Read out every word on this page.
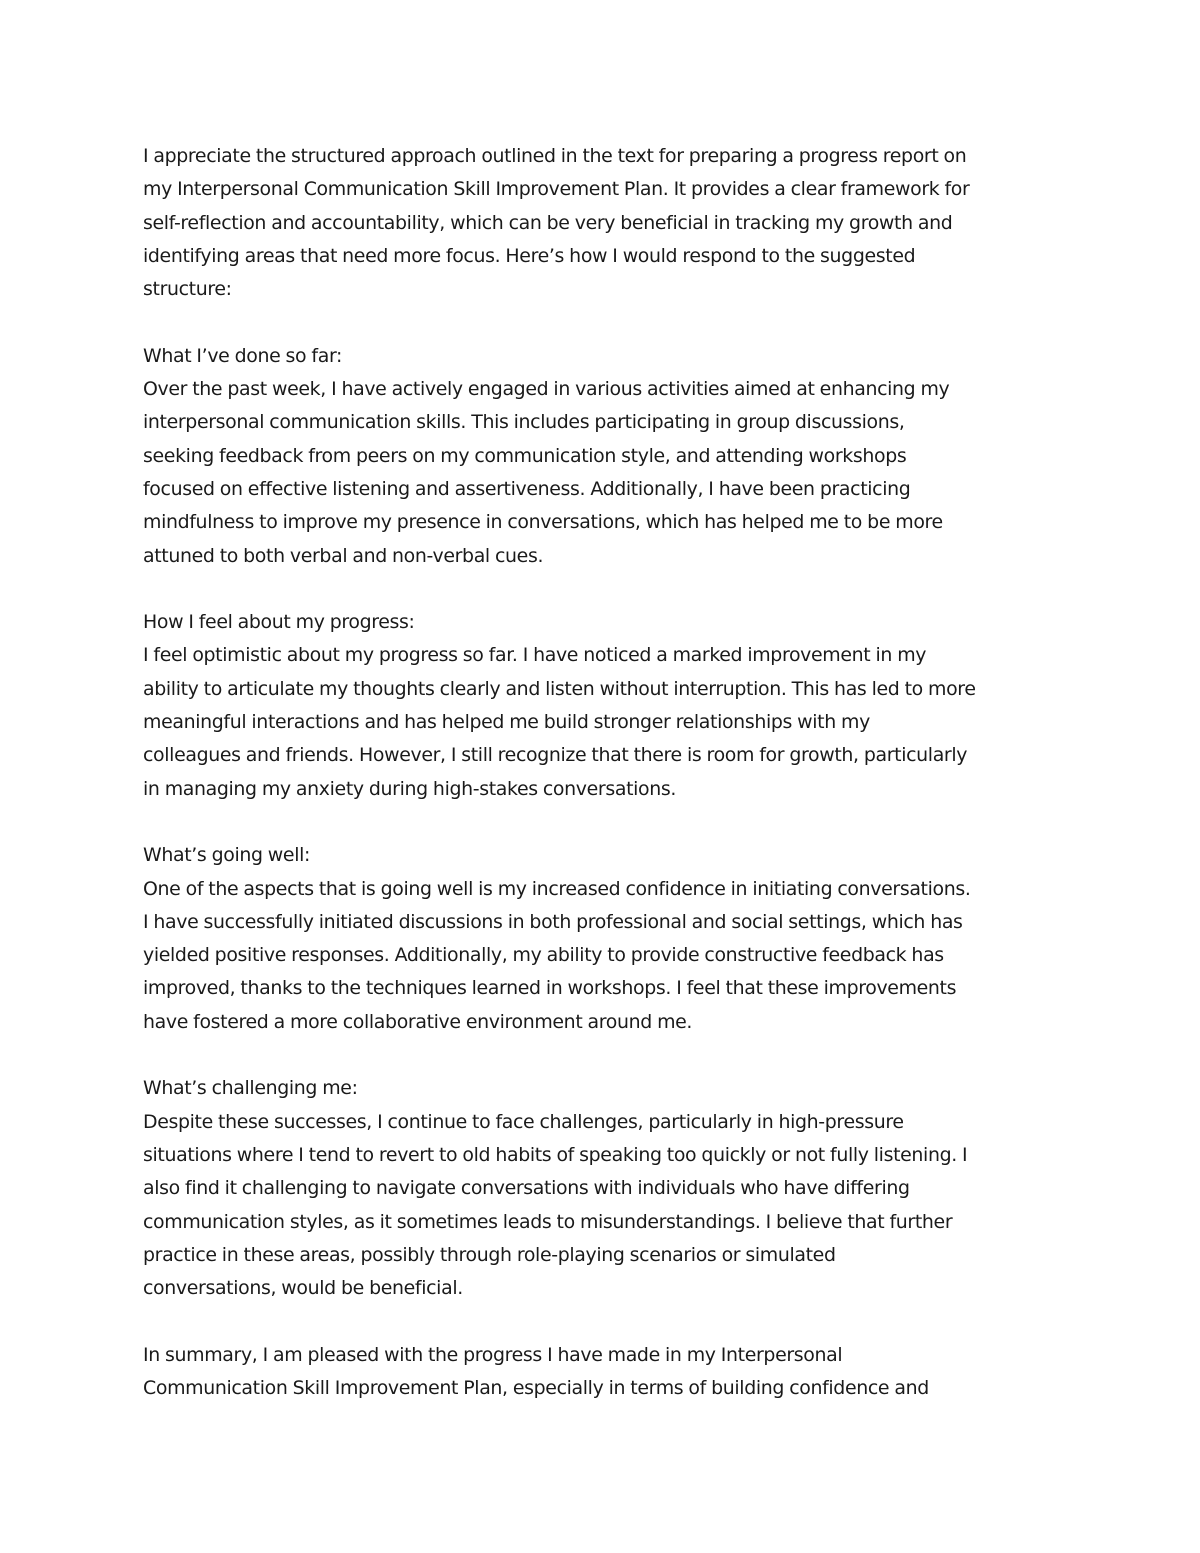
I appreciate the structured approach outlined in the text for preparing a progress report on
my Interpersonal Communication Skill Improvement Plan. It provides a clear framework for
self-reflection and accountability, which can be very beneficial in tracking my growth and
identifying areas that need more focus. Here’s how I would respond to the suggested
structure:
What I’ve done so far:
Over the past week, I have actively engaged in various activities aimed at enhancing my
interpersonal communication skills. This includes participating in group discussions,
seeking feedback from peers on my communication style, and attending workshops
focused on effective listening and assertiveness. Additionally, I have been practicing
mindfulness to improve my presence in conversations, which has helped me to be more
attuned to both verbal and non-verbal cues.
How I feel about my progress:
I feel optimistic about my progress so far. I have noticed a marked improvement in my
ability to articulate my thoughts clearly and listen without interruption. This has led to more
meaningful interactions and has helped me build stronger relationships with my
colleagues and friends. However, I still recognize that there is room for growth, particularly
in managing my anxiety during high-stakes conversations.
What’s going well:
One of the aspects that is going well is my increased confidence in initiating conversations.
I have successfully initiated discussions in both professional and social settings, which has
yielded positive responses. Additionally, my ability to provide constructive feedback has
improved, thanks to the techniques learned in workshops. I feel that these improvements
have fostered a more collaborative environment around me.
What’s challenging me:
Despite these successes, I continue to face challenges, particularly in high-pressure
situations where I tend to revert to old habits of speaking too quickly or not fully listening. I
also find it challenging to navigate conversations with individuals who have differing
communication styles, as it sometimes leads to misunderstandings. I believe that further
practice in these areas, possibly through role-playing scenarios or simulated
conversations, would be beneficial.
In summary, I am pleased with the progress I have made in my Interpersonal
Communication Skill Improvement Plan, especially in terms of building confidence and
